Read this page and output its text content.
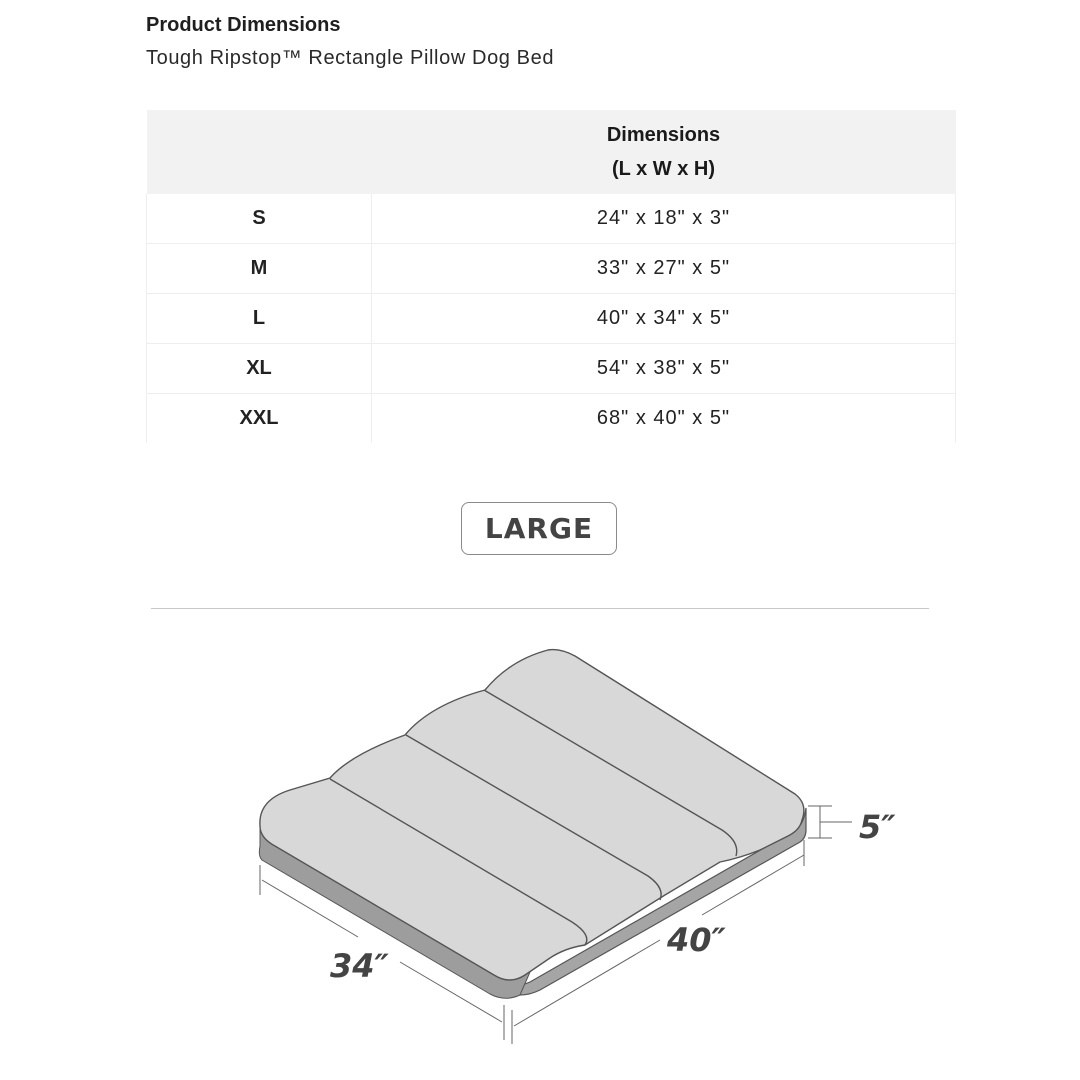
Product Dimensions
Tough Ripstop™ Rectangle Pillow Dog Bed

	Dimensions
(L x W x H)

S	24" x 18" x 3"
M	33" x 27" x 5"
L	40" x 34" x 5"
XL	54" x 38" x 5"
XXL	68" x 40" x 5"
LARGE
34″
40″
5″
